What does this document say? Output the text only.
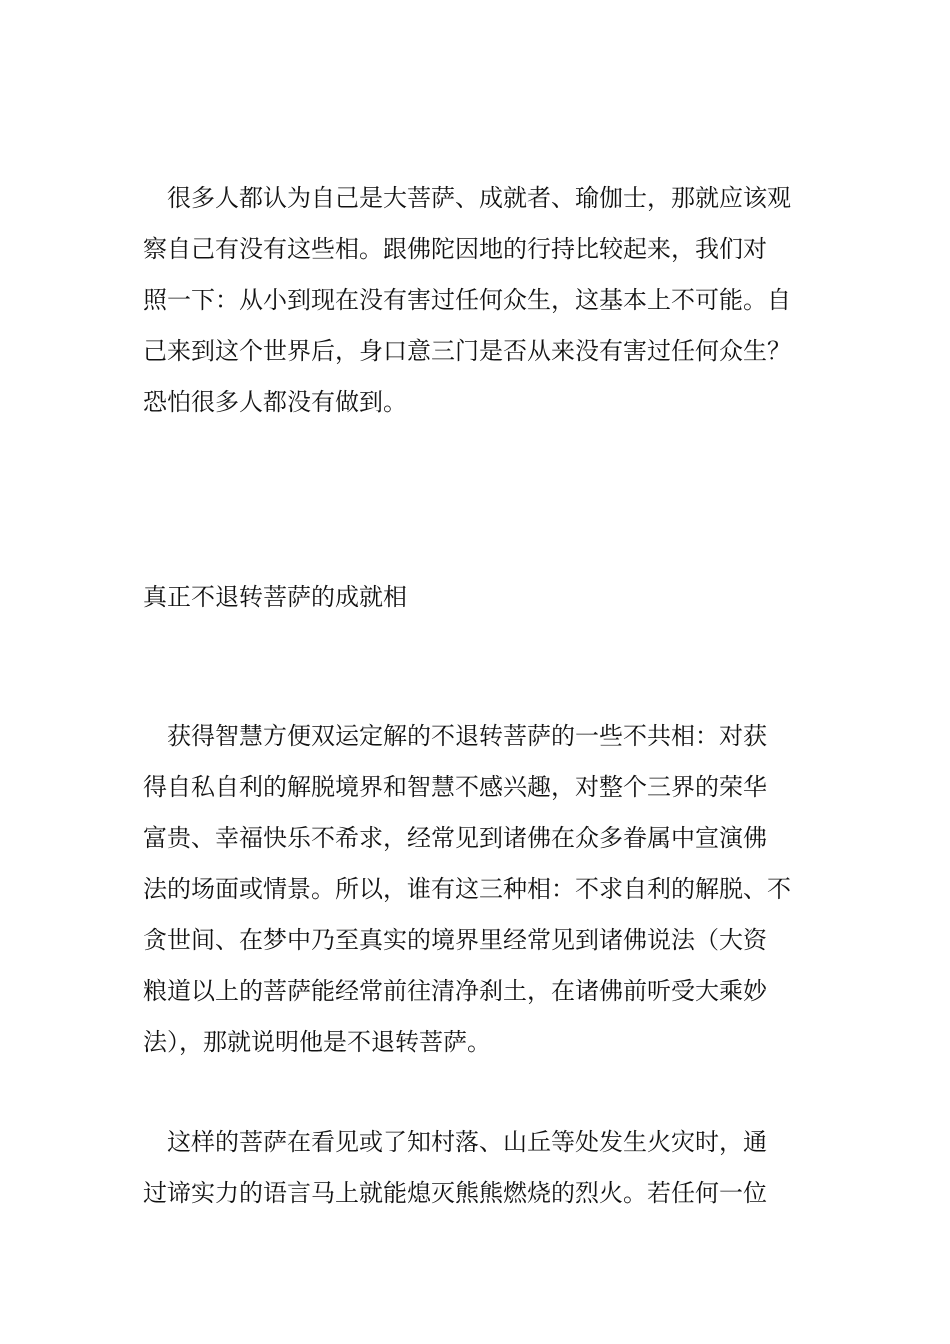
　很多人都认为自己是大菩萨、成就者、瑜伽士，那就应该观
察自己有没有这些相。跟佛陀因地的行持比较起来，我们对
照一下：从小到现在没有害过任何众生，这基本上不可能。自
己来到这个世界后，身口意三门是否从来没有害过任何众生？
恐怕很多人都没有做到。
真正不退转菩萨的成就相
　获得智慧方便双运定解的不退转菩萨的一些不共相：对获
得自私自利的解脱境界和智慧不感兴趣，对整个三界的荣华
富贵、幸福快乐不希求，经常见到诸佛在众多眷属中宣演佛
法的场面或情景。所以，谁有这三种相：不求自利的解脱、不
贪世间、在梦中乃至真实的境界里经常见到诸佛说法（大资
粮道以上的菩萨能经常前往清净刹土，在诸佛前听受大乘妙
法），那就说明他是不退转菩萨。
　这样的菩萨在看见或了知村落、山丘等处发生火灾时，通
过谛实力的语言马上就能熄灭熊熊燃烧的烈火。若任何一位
